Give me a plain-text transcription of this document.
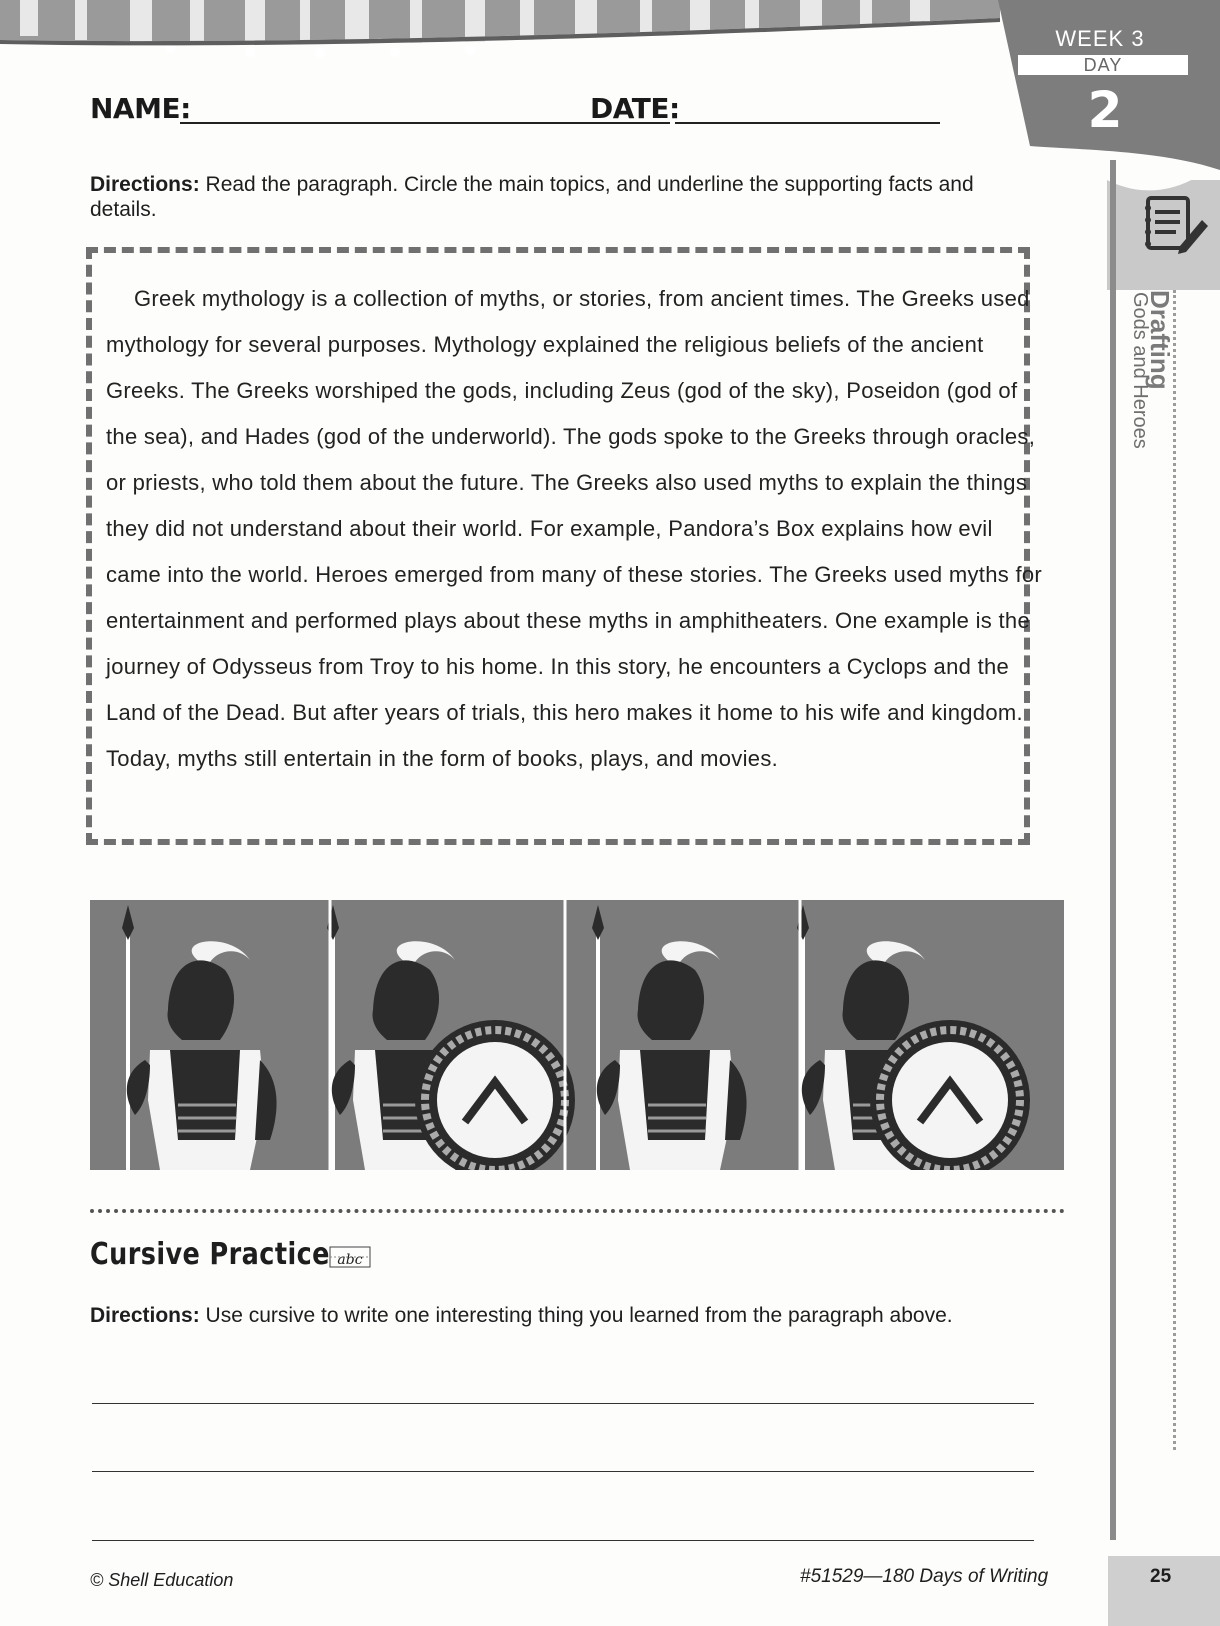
WEEK 3
DAY
2
Drafting
Gods and Heroes
NAME:	DATE:
Directions: Read the paragraph. Circle the main topics, and underline the supporting facts and details.
Greek mythology is a collection of myths, or stories, from ancient times. The Greeks used mythology for several purposes. Mythology explained the religious beliefs of the ancient Greeks. The Greeks worshiped the gods, including Zeus (god of the sky), Poseidon (god of the sea), and Hades (god of the underworld). The gods spoke to the Greeks through oracles, or priests, who told them about the future. The Greeks also used myths to explain the things they did not understand about their world. For example, Pandora’s Box explains how evil came into the world. Heroes emerged from many of these stories. The Greeks used myths for entertainment and performed plays about these myths in amphitheaters. One example is the journey of Odysseus from Troy to his home. In this story, he encounters a Cyclops and the Land of the Dead. But after years of trials, this hero makes it home to his wife and kingdom. Today, myths still entertain in the form of books, plays, and movies.
Cursive Practice abc
Directions: Use cursive to write one interesting thing you learned from the paragraph above.
© Shell Education	#51529—180 Days of Writing	25
